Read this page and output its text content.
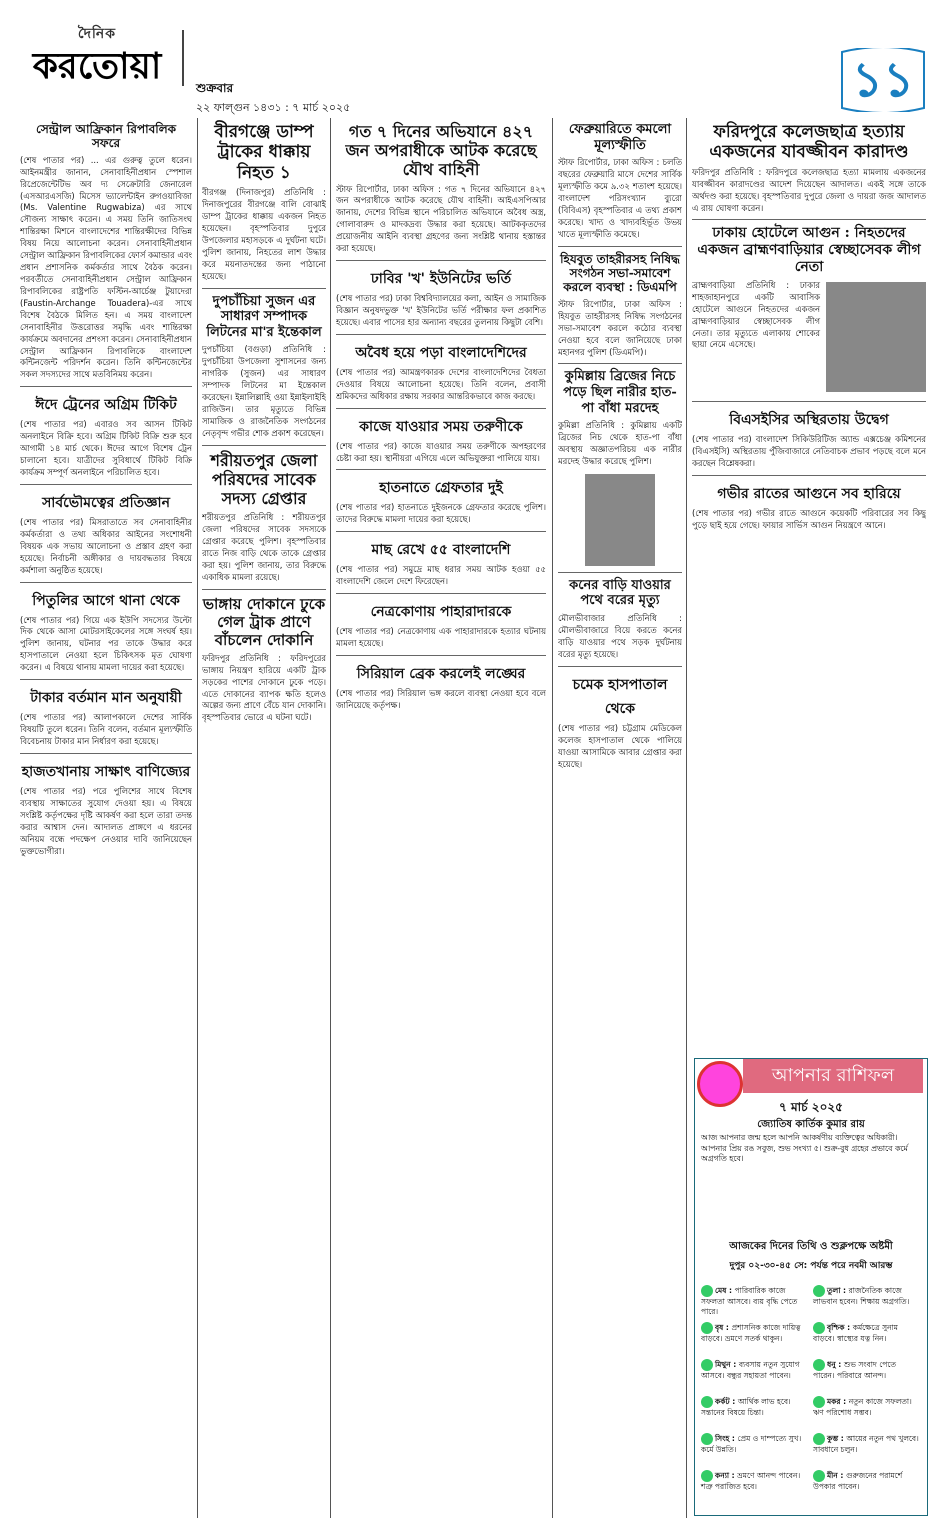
দৈনিক
করতোয়া
শুক্রবার
২২ ফাল্গুন ১৪৩১ : ৭ মার্চ ২০২৫	১১
সেন্ট্রাল আফ্রিকান রিপাবলিক সফরে

(শেষ পাতার পর) ... এর গুরুত্ব তুলে ধরেন। আইনমন্ত্রীর জানান, সেনাবাহিনীপ্রধান স্পেশাল রিপ্রেজেন্টেটিভ অব দ্য সেক্রেটারি জেনারেল (এসআরএসজি) মিসেস ভ্যালেন্টাইন রুগওয়াবিজা (Ms. Valentine Rugwabiza) এর সাথে সৌজন্য সাক্ষাৎ করেন। এ সময় তিনি জাতিসংঘ শান্তিরক্ষা মিশনে বাংলাদেশের শান্তিরক্ষীদের বিভিন্ন বিষয় নিয়ে আলোচনা করেন। সেনাবাহিনীপ্রধান সেন্ট্রাল আফ্রিকান রিপাবলিকের ফোর্স কমান্ডার এবং প্রধান প্রশাসনিক কর্মকর্তার সাথে বৈঠক করেন। পরবর্তীতে সেনাবাহিনীপ্রধান সেন্ট্রাল আফ্রিকান রিপাবলিকের রাষ্ট্রপতি ফস্টিন-আর্চেঞ্জ টুয়াদেরা (Faustin-Archange Touadera)-এর সাথে বিশেষ বৈঠকে মিলিত হন। এ সময় বাংলাদেশ সেনাবাহিনীর উত্তরোত্তর সমৃদ্ধি এবং শান্তিরক্ষা কার্যক্রমে অবদানের প্রশংসা করেন। সেনাবাহিনীপ্রধান সেন্ট্রাল আফ্রিকান রিপাবলিকে বাংলাদেশ কন্টিনজেন্ট পরিদর্শন করেন। তিনি কন্টিনজেন্টের সকল সদস্যদের সাথে মতবিনিময় করেন।

ঈদে ট্রেনের অগ্রিম টিকিট

(শেষ পাতার পর) এবারও সব আসন টিকিট অনলাইনে বিক্রি হবে। অগ্রিম টিকিট বিক্রি শুরু হবে আগামী ১৪ মার্চ থেকে। ঈদের আগে বিশেষ ট্রেন চালানো হবে। যাত্রীদের সুবিধার্থে টিকিট বিক্রি কার্যক্রম সম্পূর্ণ অনলাইনে পরিচালিত হবে।

সার্বভৌমত্বের প্রতিজ্ঞান

(শেষ পাতার পর) মিসরাতাতে সব সেনাবাহিনীর কর্মকর্তারা ও তথ্য অধিকার আইনের সংশোধনী বিষয়ক এক সভায় আলোচনা ও প্রস্তাব গ্রহণ করা হয়েছে। নির্বাচনী অঙ্গীকার ও দায়বদ্ধতার বিষয়ে কর্মশালা অনুষ্ঠিত হয়েছে।

পিতুলির আগে থানা থেকে

(শেষ পাতার পর) গিয়ে এক ইউপি সদস্যের উল্টো দিক থেকে আসা মোটরসাইকেলের সঙ্গে সংঘর্ষ হয়। পুলিশ জানায়, ঘটনার পর তাকে উদ্ধার করে হাসপাতালে নেওয়া হলে চিকিৎসক মৃত ঘোষণা করেন। এ বিষয়ে থানায় মামলা দায়ের করা হয়েছে।

টাকার বর্তমান মান অনুযায়ী

(শেষ পাতার পর) আলাপকালে দেশের সার্বিক বিষয়টি তুলে ধরেন। তিনি বলেন, বর্তমান মূল্যস্ফীতি বিবেচনায় টাকার মান নির্ধারণ করা হয়েছে।

হাজতখানায় সাক্ষাৎ বাণিজ্যের

(শেষ পাতার পর) পরে পুলিশের সাথে বিশেষ ব্যবস্থায় সাক্ষাতের সুযোগ দেওয়া হয়। এ বিষয়ে সংশ্লিষ্ট কর্তৃপক্ষের দৃষ্টি আকর্ষণ করা হলে তারা তদন্ত করার আশ্বাস দেন। আদালত প্রাঙ্গণে এ ধরনের অনিয়ম বন্ধে পদক্ষেপ নেওয়ার দাবি জানিয়েছেন ভুক্তভোগীরা।

বীরগঞ্জে ডাম্প ট্রাকের ধাক্কায় নিহত ১

বীরগঞ্জ (দিনাজপুর) প্রতিনিধি : দিনাজপুরের বীরগঞ্জে বালি বোঝাই ডাম্প ট্রাকের ধাক্কায় একজন নিহত হয়েছেন। বৃহস্পতিবার দুপুরে উপজেলার মহাসড়কে এ দুর্ঘটনা ঘটে। পুলিশ জানায়, নিহতের লাশ উদ্ধার করে ময়নাতদন্তের জন্য পাঠানো হয়েছে।

দুপচাঁচিয়া সুজন এর সাধারণ সম্পাদক লিটনের মা'র ইন্তেকাল

দুপচাঁচিয়া (বগুড়া) প্রতিনিধি : দুপচাঁচিয়া উপজেলা সুশাসনের জন্য নাগরিক (সুজন) এর সাধারণ সম্পাদক লিটনের মা ইন্তেকাল করেছেন। ইন্নালিল্লাহি ওয়া ইন্নাইলাইহি রাজিউন। তার মৃত্যুতে বিভিন্ন সামাজিক ও রাজনৈতিক সংগঠনের নেতৃবৃন্দ গভীর শোক প্রকাশ করেছেন।

শরীয়তপুর জেলা পরিষদের সাবেক সদস্য গ্রেপ্তার

শরীয়তপুর প্রতিনিধি : শরীয়তপুর জেলা পরিষদের সাবেক সদস্যকে গ্রেপ্তার করেছে পুলিশ। বৃহস্পতিবার রাতে নিজ বাড়ি থেকে তাকে গ্রেপ্তার করা হয়। পুলিশ জানায়, তার বিরুদ্ধে একাধিক মামলা রয়েছে।

ভাঙ্গায় দোকানে ঢুকে গেল ট্রাক প্রাণে বাঁচলেন দোকানি

ফরিদপুর প্রতিনিধি : ফরিদপুরের ভাঙ্গায় নিয়ন্ত্রণ হারিয়ে একটি ট্রাক সড়কের পাশের দোকানে ঢুকে পড়ে। এতে দোকানের ব্যাপক ক্ষতি হলেও অল্পের জন্য প্রাণে বেঁচে যান দোকানি। বৃহস্পতিবার ভোরে এ ঘটনা ঘটে।

গত ৭ দিনের অভিযানে ৪২৭ জন অপরাধীকে আটক করেছে যৌথ বাহিনী

স্টাফ রিপোর্টার, ঢাকা অফিস : গত ৭ দিনের অভিযানে ৪২৭ জন অপরাধীকে আটক করেছে যৌথ বাহিনী। আইএসপিআর জানায়, দেশের বিভিন্ন স্থানে পরিচালিত অভিযানে অবৈধ অস্ত্র, গোলাবারুদ ও মাদকদ্রব্য উদ্ধার করা হয়েছে। আটককৃতদের প্রয়োজনীয় আইনি ব্যবস্থা গ্রহণের জন্য সংশ্লিষ্ট থানায় হস্তান্তর করা হয়েছে।

ঢাবির 'খ' ইউনিটের ভর্তি

(শেষ পাতার পর) ঢাকা বিশ্ববিদ্যালয়ের কলা, আইন ও সামাজিক বিজ্ঞান অনুষদভুক্ত 'খ' ইউনিটের ভর্তি পরীক্ষার ফল প্রকাশিত হয়েছে। এবার পাসের হার অন্যান্য বছরের তুলনায় কিছুটা বেশি।

অবৈধ হয়ে পড়া বাংলাদেশিদের

(শেষ পাতার পর) আমন্ত্রণকারক দেশের বাংলাদেশিদের বৈধতা দেওয়ার বিষয়ে আলোচনা হয়েছে। তিনি বলেন, প্রবাসী শ্রমিকদের অধিকার রক্ষায় সরকার আন্তরিকভাবে কাজ করছে।

কাজে যাওয়ার সময় তরুণীকে

(শেষ পাতার পর) কাজে যাওয়ার সময় তরুণীকে অপহরণের চেষ্টা করা হয়। স্থানীয়রা এগিয়ে এলে অভিযুক্তরা পালিয়ে যায়।

হাতনাতে গ্রেফতার দুই

(শেষ পাতার পর) হাতনাতে দুইজনকে গ্রেফতার করেছে পুলিশ। তাদের বিরুদ্ধে মামলা দায়ের করা হয়েছে।

মাছ রেখে ৫৫ বাংলাদেশি

(শেষ পাতার পর) সমুদ্রে মাছ ধরার সময় আটক হওয়া ৫৫ বাংলাদেশি জেলে দেশে ফিরেছেন।

নেত্রকোণায় পাহারাদারকে

(শেষ পাতার পর) নেত্রকোণায় এক পাহারাদারকে হত্যার ঘটনায় মামলা হয়েছে।

সিরিয়াল ব্রেক করলেই লঙ্ঘের

(শেষ পাতার পর) সিরিয়াল ভঙ্গ করলে ব্যবস্থা নেওয়া হবে বলে জানিয়েছে কর্তৃপক্ষ।

ফেব্রুয়ারিতে কমলো মূল্যস্ফীতি

স্টাফ রিপোর্টার, ঢাকা অফিস : চলতি বছরের ফেব্রুয়ারি মাসে দেশের সার্বিক মূল্যস্ফীতি কমে ৯.৩২ শতাংশ হয়েছে। বাংলাদেশ পরিসংখ্যান ব্যুরো (বিবিএস) বৃহস্পতিবার এ তথ্য প্রকাশ করেছে। খাদ্য ও খাদ্যবহির্ভূত উভয় খাতে মূল্যস্ফীতি কমেছে।

হিযবুত তাহরীরসহ নিষিদ্ধ সংগঠন সভা-সমাবেশ করলে ব্যবস্থা : ডিএমপি

স্টাফ রিপোর্টার, ঢাকা অফিস : হিযবুত তাহরীরসহ নিষিদ্ধ সংগঠনের সভা-সমাবেশ করলে কঠোর ব্যবস্থা নেওয়া হবে বলে জানিয়েছে ঢাকা মহানগর পুলিশ (ডিএমপি)।

কুমিল্লায় ব্রিজের নিচে পড়ে ছিল নারীর হাত-পা বাঁধা মরদেহ

কুমিল্লা প্রতিনিধি : কুমিল্লায় একটি ব্রিজের নিচ থেকে হাত-পা বাঁধা অবস্থায় অজ্ঞাতপরিচয় এক নারীর মরদেহ উদ্ধার করেছে পুলিশ।

কনের বাড়ি যাওয়ার পথে বরের মৃত্যু

মৌলভীবাজার প্রতিনিধি : মৌলভীবাজারে বিয়ে করতে কনের বাড়ি যাওয়ার পথে সড়ক দুর্ঘটনায় বরের মৃত্যু হয়েছে।

চমেক হাসপাতাল থেকে

(শেষ পাতার পর) চট্টগ্রাম মেডিকেল কলেজ হাসপাতাল থেকে পালিয়ে যাওয়া আসামিকে আবার গ্রেপ্তার করা হয়েছে।

ফরিদপুরে কলেজছাত্র হত্যায় একজনের যাবজ্জীবন কারাদণ্ড

ফরিদপুর প্রতিনিধি : ফরিদপুরে কলেজছাত্র হত্যা মামলায় একজনের যাবজ্জীবন কারাদণ্ডের আদেশ দিয়েছেন আদালত। একই সঙ্গে তাকে অর্থদণ্ড করা হয়েছে। বৃহস্পতিবার দুপুরে জেলা ও দায়রা জজ আদালত এ রায় ঘোষণা করেন।

ঢাকায় হোটেলে আগুন : নিহতদের একজন ব্রাহ্মণবাড়িয়ার স্বেচ্ছাসেবক লীগ নেতা

ব্রাহ্মণবাড়িয়া প্রতিনিধি : ঢাকার শাহজাহানপুরে একটি আবাসিক হোটেলে আগুনে নিহতদের একজন ব্রাহ্মণবাড়িয়ার স্বেচ্ছাসেবক লীগ নেতা। তার মৃত্যুতে এলাকায় শোকের ছায়া নেমে এসেছে।

বিএসইসির অস্থিরতায় উদ্বেগ

(শেষ পাতার পর) বাংলাদেশ সিকিউরিটিজ অ্যান্ড এক্সচেঞ্জ কমিশনের (বিএসইসি) অস্থিরতায় পুঁজিবাজারে নেতিবাচক প্রভাব পড়ছে বলে মনে করছেন বিশ্লেষকরা।

গভীর রাতের আগুনে সব হারিয়ে

(শেষ পাতার পর) গভীর রাতে আগুনে কয়েকটি পরিবারের সব কিছু পুড়ে ছাই হয়ে গেছে। ফায়ার সার্ভিস আগুন নিয়ন্ত্রণে আনে।

আপনার রাশিফল
৭ মার্চ ২০২৫
জ্যোতিষ কার্তিক কুমার রায়
আজ আপনার জন্ম হলে আপনি আকর্ষণীয় ব্যক্তিত্বের অধিকারী। আপনার প্রিয় রঙ সবুজ, শুভ সংখ্যা ৫। শুক্র-বুধ গ্রহের প্রভাবে কর্মে অগ্রগতি হবে।
আজকের দিনের তিথি ও শুক্লপক্ষে অষ্টমী
দুপুর ০২-৩০-৪৫ সে: পর্যন্ত পরে নবমী আরম্ভ
মেষ : পারিবারিক কাজে সফলতা আসবে। ব্যয় বৃদ্ধি পেতে পারে।
তুলা : রাজনৈতিক কাজে লাভবান হবেন। শিক্ষায় অগ্রগতি।
বৃষ : প্রশাসনিক কাজে দায়িত্ব বাড়বে। ভ্রমণে সতর্ক থাকুন।
বৃশ্চিক : কর্মক্ষেত্রে সুনাম বাড়বে। স্বাস্থ্যের যত্ন নিন।
মিথুন : ব্যবসায় নতুন সুযোগ আসবে। বন্ধুর সহায়তা পাবেন।
ধনু : শুভ সংবাদ পেতে পারেন। পরিবারে আনন্দ।
কর্কট : আর্থিক লাভ হবে। সন্তানের বিষয়ে চিন্তা।
মকর : নতুন কাজে সফলতা। ঋণ পরিশোধ সম্ভব।
সিংহ : প্রেম ও দাম্পত্যে সুখ। কর্মে উন্নতি।
কুম্ভ : আয়ের নতুন পথ খুলবে। সাবধানে চলুন।
কন্যা : ভ্রমণে আনন্দ পাবেন। শত্রু পরাজিত হবে।
মীন : গুরুজনের পরামর্শে উপকার পাবেন।
